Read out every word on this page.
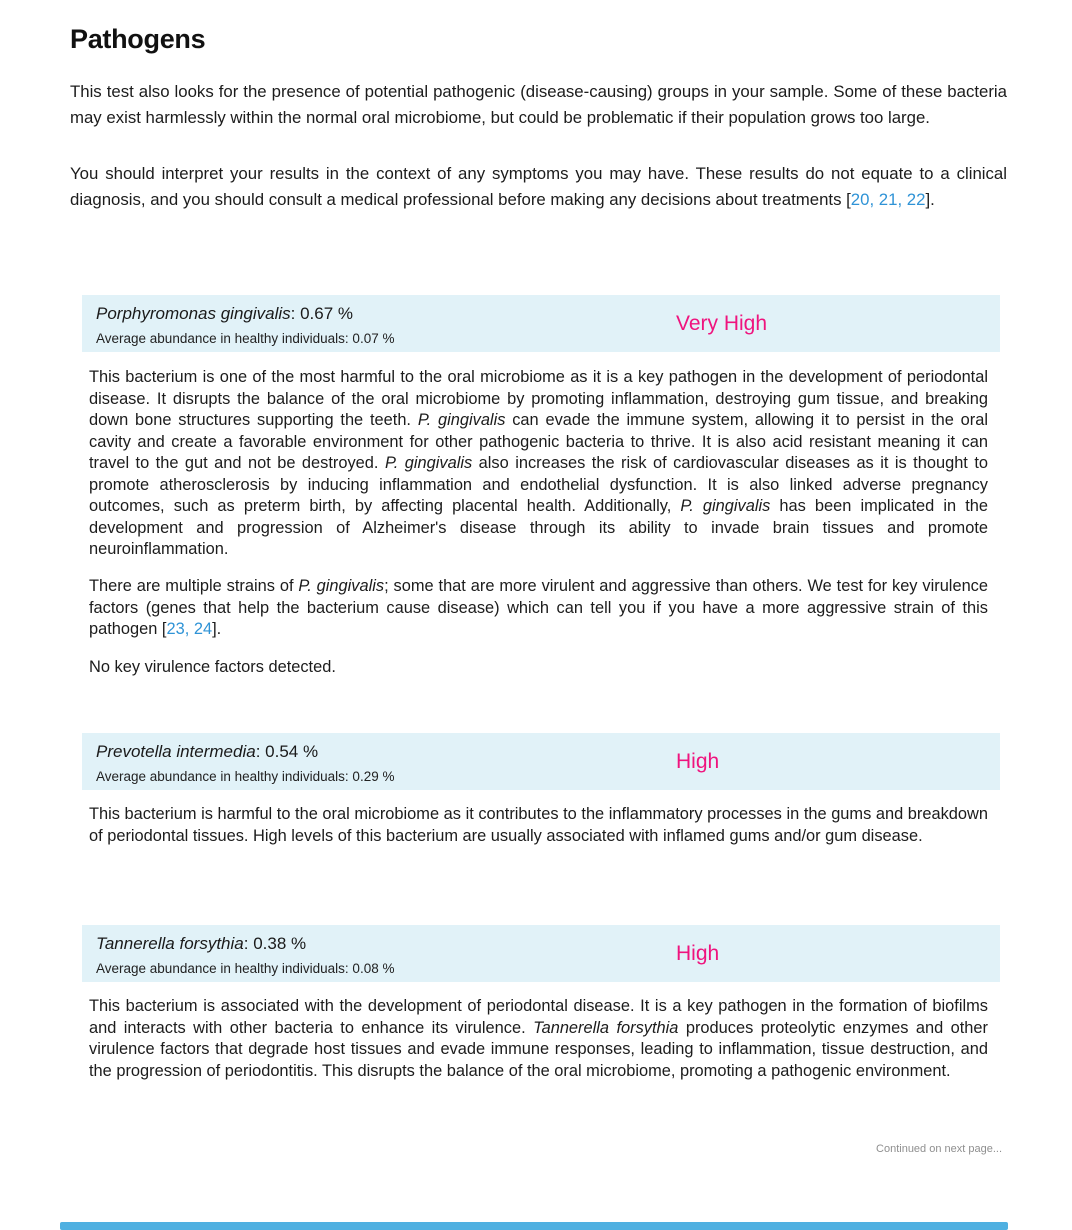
Pathogens

This test also looks for the presence of potential pathogenic (disease-causing) groups in your sample. Some of these bacteria may exist harmlessly within the normal oral microbiome, but could be problematic if their population grows too large.

You should interpret your results in the context of any symptoms you may have. These results do not equate to a clinical diagnosis, and you should consult a medical professional before making any decisions about treatments [20, 21, 22].

Porphyromonas gingivalis: 0.67 %
Average abundance in healthy individuals: 0.07 %
Very High

This bacterium is one of the most harmful to the oral microbiome as it is a key pathogen in the development of periodontal disease. It disrupts the balance of the oral microbiome by promoting inflammation, destroying gum tissue, and breaking down bone structures supporting the teeth. P. gingivalis can evade the immune system, allowing it to persist in the oral cavity and create a favorable environment for other pathogenic bacteria to thrive. It is also acid resistant meaning it can travel to the gut and not be destroyed. P. gingivalis also increases the risk of cardiovascular diseases as it is thought to promote atherosclerosis by inducing inflammation and endothelial dysfunction. It is also linked adverse pregnancy outcomes, such as preterm birth, by affecting placental health. Additionally, P. gingivalis has been implicated in the development and progression of Alzheimer's disease through its ability to invade brain tissues and promote neuroinflammation.

There are multiple strains of P. gingivalis; some that are more virulent and aggressive than others. We test for key virulence factors (genes that help the bacterium cause disease) which can tell you if you have a more aggressive strain of this pathogen [23, 24].

No key virulence factors detected.

Prevotella intermedia: 0.54 %
Average abundance in healthy individuals: 0.29 %
High

This bacterium is harmful to the oral microbiome as it contributes to the inflammatory processes in the gums and breakdown of periodontal tissues. High levels of this bacterium are usually associated with inflamed gums and/or gum disease.

Tannerella forsythia: 0.38 %
Average abundance in healthy individuals: 0.08 %
High

This bacterium is associated with the development of periodontal disease. It is a key pathogen in the formation of biofilms and interacts with other bacteria to enhance its virulence. Tannerella forsythia produces proteolytic enzymes and other virulence factors that degrade host tissues and evade immune responses, leading to inflammation, tissue destruction, and the progression of periodontitis. This disrupts the balance of the oral microbiome, promoting a pathogenic environment.

Continued on next page...
